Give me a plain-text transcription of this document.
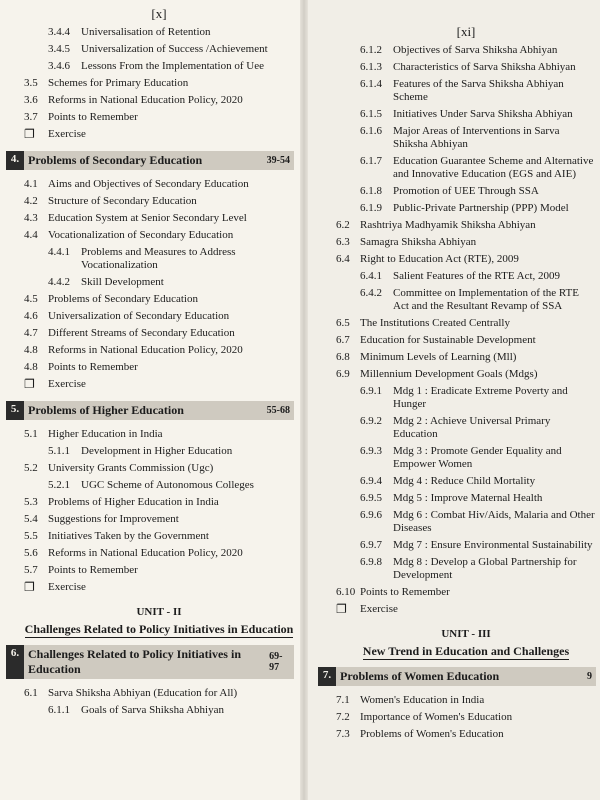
[x]
3.4.4	Universalisation of Retention
3.4.5	Universalization of Success /Achievement
3.4.6	Lessons From the Implementation of Uee
3.5 Schemes for Primary Education
3.6 Reforms in National Education Policy, 2020
3.7 Points to Remember
❐	Exercise
4. Problems of Secondary Education	39-54
4.1 Aims and Objectives of Secondary Education
4.2 Structure of Secondary Education
4.3 Education System at Senior Secondary Level
4.4 Vocationalization of Secondary Education
4.4.1	Problems and Measures to Address Vocationalization
4.4.2	Skill Development
4.5 Problems of Secondary Education
4.6 Universalization of Secondary Education
4.7 Different Streams of Secondary Education
4.8 Reforms in National Education Policy, 2020
4.8 Points to Remember
❐	Exercise
5. Problems of Higher Education	55-68
5.1 Higher Education in India
5.1.1	Development in Higher Education
5.2 University Grants Commission (Ugc)
5.2.1	UGC Scheme of Autonomous Colleges
5.3 Problems of Higher Education in India
5.4 Suggestions for Improvement
5.5 Initiatives Taken by the Government
5.6 Reforms in National Education Policy, 2020
5.7 Points to Remember
❐	Exercise
UNIT - II
Challenges Related to Policy Initiatives in Education
6. Challenges Related to Policy Initiatives in Education
69-97
6.1 Sarva Shiksha Abhiyan (Education for All)
6.1.1	Goals of Sarva Shiksha Abhiyan
[xi]
6.1.2	Objectives of Sarva Shiksha Abhiyan
6.1.3	Characteristics of Sarva Shiksha Abhiyan
6.1.4	Features of the Sarva Shiksha Abhiyan Scheme
6.1.5	Initiatives Under Sarva Shiksha Abhiyan
6.1.6	Major Areas of Interventions in Sarva Shiksha Abhiyan
6.1.7	Education Guarantee Scheme and Alternative and Innovative Education (EGS and AIE)
6.1.8	Promotion of UEE Through SSA
6.1.9	Public-Private Partnership (PPP) Model
6.2 Rashtriya Madhyamik Shiksha Abhiyan
6.3 Samagra Shiksha Abhiyan
6.4 Right to Education Act (RTE), 2009
6.4.1	Salient Features of the RTE Act, 2009
6.4.2	Committee on Implementation of the RTE Act and the Resultant Revamp of SSA
6.5 The Institutions Created Centrally
6.7 Education for Sustainable Development
6.8 Minimum Levels of Learning (Mll)
6.9 Millennium Development Goals (Mdgs)
6.9.1	Mdg 1 : Eradicate Extreme Poverty and Hunger
6.9.2	Mdg 2 : Achieve Universal Primary Education
6.9.3	Mdg 3 : Promote Gender Equality and Empower Women
6.9.4	Mdg 4 : Reduce Child Mortality
6.9.5	Mdg 5 : Improve Maternal Health
6.9.6	Mdg 6 : Combat Hiv/Aids, Malaria and Other Diseases
6.9.7	Mdg 7 : Ensure Environmental Sustainability
6.9.8	Mdg 8 : Develop a Global Partnership for Development
6.10 Points to Remember
❐	Exercise
UNIT - III
New Trend in Education and Challenges
7. Problems of Women Education	9
7.1 Women's Education in India
7.2 Importance of Women's Education
7.3 Problems of Women's Education
